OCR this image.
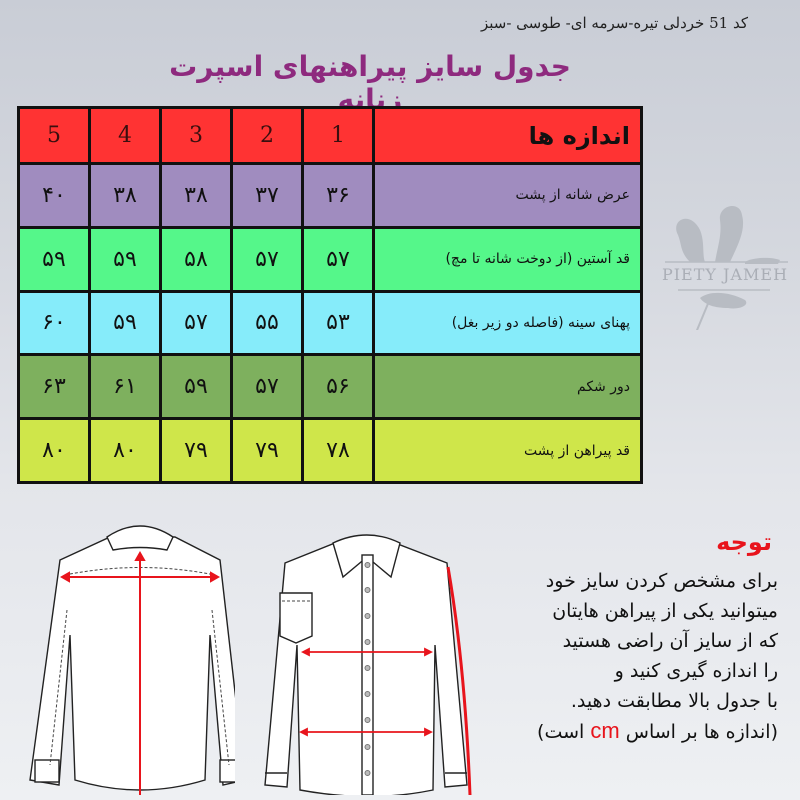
کد 51 خردلی تیره-سرمه ای- طوسی -سبز
جدول سایز پیراهنهای اسپرت زنانه
اندازه ها	1	2	3	4	5
عرض شانه از پشت	۳۶	۳۷	۳۸	۳۸	۴۰
قد آستین (از دوخت شانه تا مچ)	۵۷	۵۷	۵۸	۵۹	۵۹
پهنای سینه (فاصله دو زیر بغل)	۵۳	۵۵	۵۷	۵۹	۶۰
دور شکم	۵۶	۵۷	۵۹	۶۱	۶۳
قد پیراهن از پشت	۷۸	۷۹	۷۹	۸۰	۸۰
PIETY JAMEH
توجه
برای مشخص کردن سایز خود
میتوانید یکی از پیراهن هایتان
که از سایز آن راضی هستید
را اندازه گیری کنید و
با جدول بالا مطابقت دهید.
(اندازه ها بر اساس cm است)
